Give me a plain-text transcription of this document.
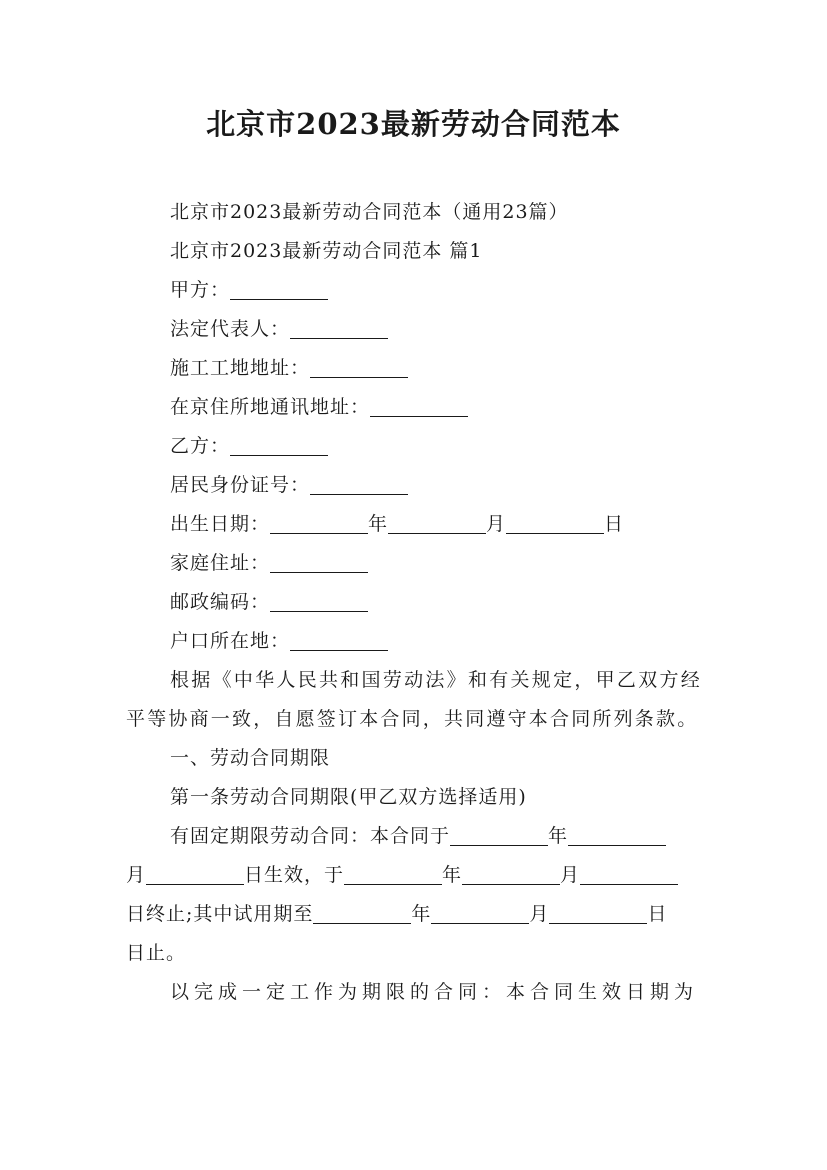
北京市2023最新劳动合同范本
北京市2023最新劳动合同范本（通用23篇）
北京市2023最新劳动合同范本 篇1
甲方：
法定代表人：
施工工地地址：
在京住所地通讯地址：
乙方：
居民身份证号：
出生日期：	年	月	日
家庭住址：
邮政编码：
户口所在地：
根据《中华人民共和国劳动法》和有关规定，甲乙双方经平等协商一致，自愿签订本合同，共同遵守本合同所列条款。
一、劳动合同期限
第一条劳动合同期限(甲乙双方选择适用)
有固定期限劳动合同：本合同于	年
月	日生效，于	年	月
日终止;其中试用期至	年	月	日
日止。
以完成一定工作为期限的合同：本合同生效日期为
